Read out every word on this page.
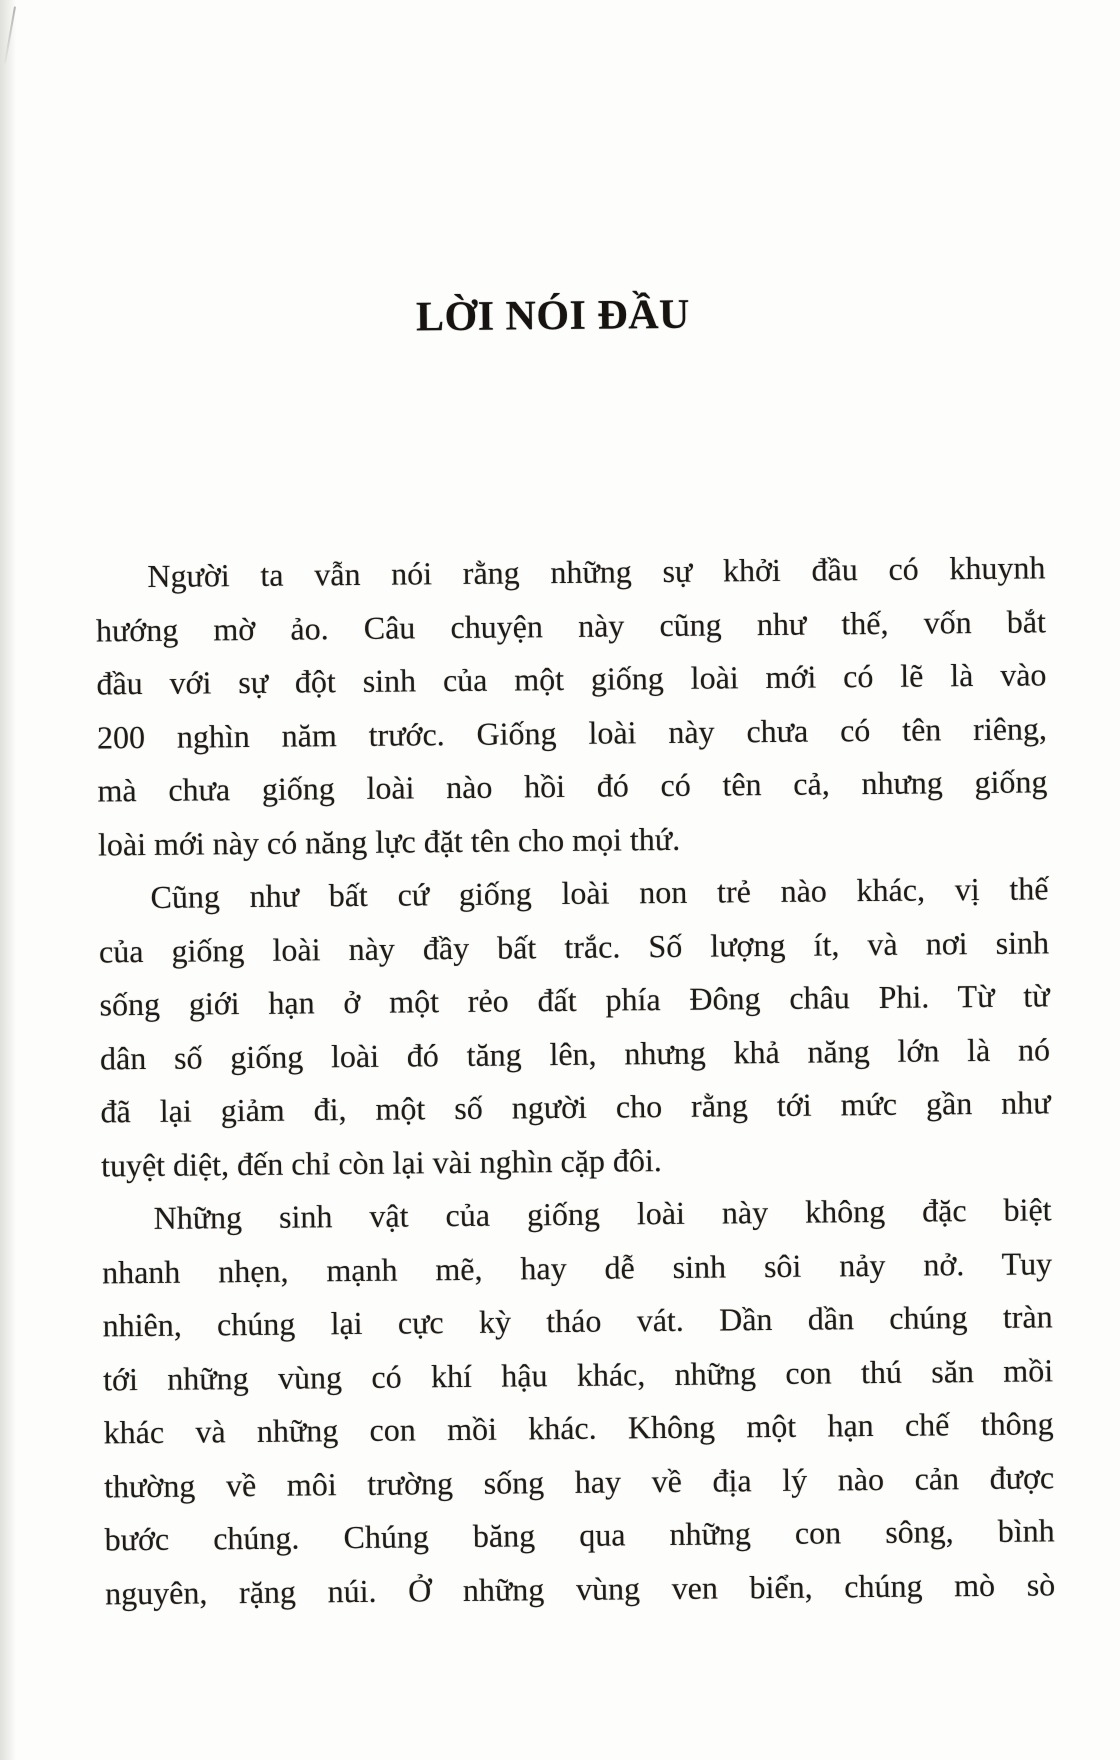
LỜI NÓI ĐẦU
Người ta vẫn nói rằng những sự khởi đầu có khuynh
hướng mờ ảo. Câu chuyện này cũng như thế, vốn bắt
đầu với sự đột sinh của một giống loài mới có lẽ là vào
200 nghìn năm trước. Giống loài này chưa có tên riêng,
mà chưa giống loài nào hồi đó có tên cả, nhưng giống
loài mới này có năng lực đặt tên cho mọi thứ.
Cũng như bất cứ giống loài non trẻ nào khác, vị thế
của giống loài này đầy bất trắc. Số lượng ít, và nơi sinh
sống giới hạn ở một rẻo đất phía Đông châu Phi. Từ từ
dân số giống loài đó tăng lên, nhưng khả năng lớn là nó
đã lại giảm đi, một số người cho rằng tới mức gần như
tuyệt diệt, đến chỉ còn lại vài nghìn cặp đôi.
Những sinh vật của giống loài này không đặc biệt
nhanh nhẹn, mạnh mẽ, hay dễ sinh sôi nảy nở. Tuy
nhiên, chúng lại cực kỳ tháo vát. Dần dần chúng tràn
tới những vùng có khí hậu khác, những con thú săn mồi
khác và những con mồi khác. Không một hạn chế thông
thường về môi trường sống hay về địa lý nào cản được
bước chúng. Chúng băng qua những con sông, bình
nguyên, rặng núi. Ở những vùng ven biển, chúng mò sò
